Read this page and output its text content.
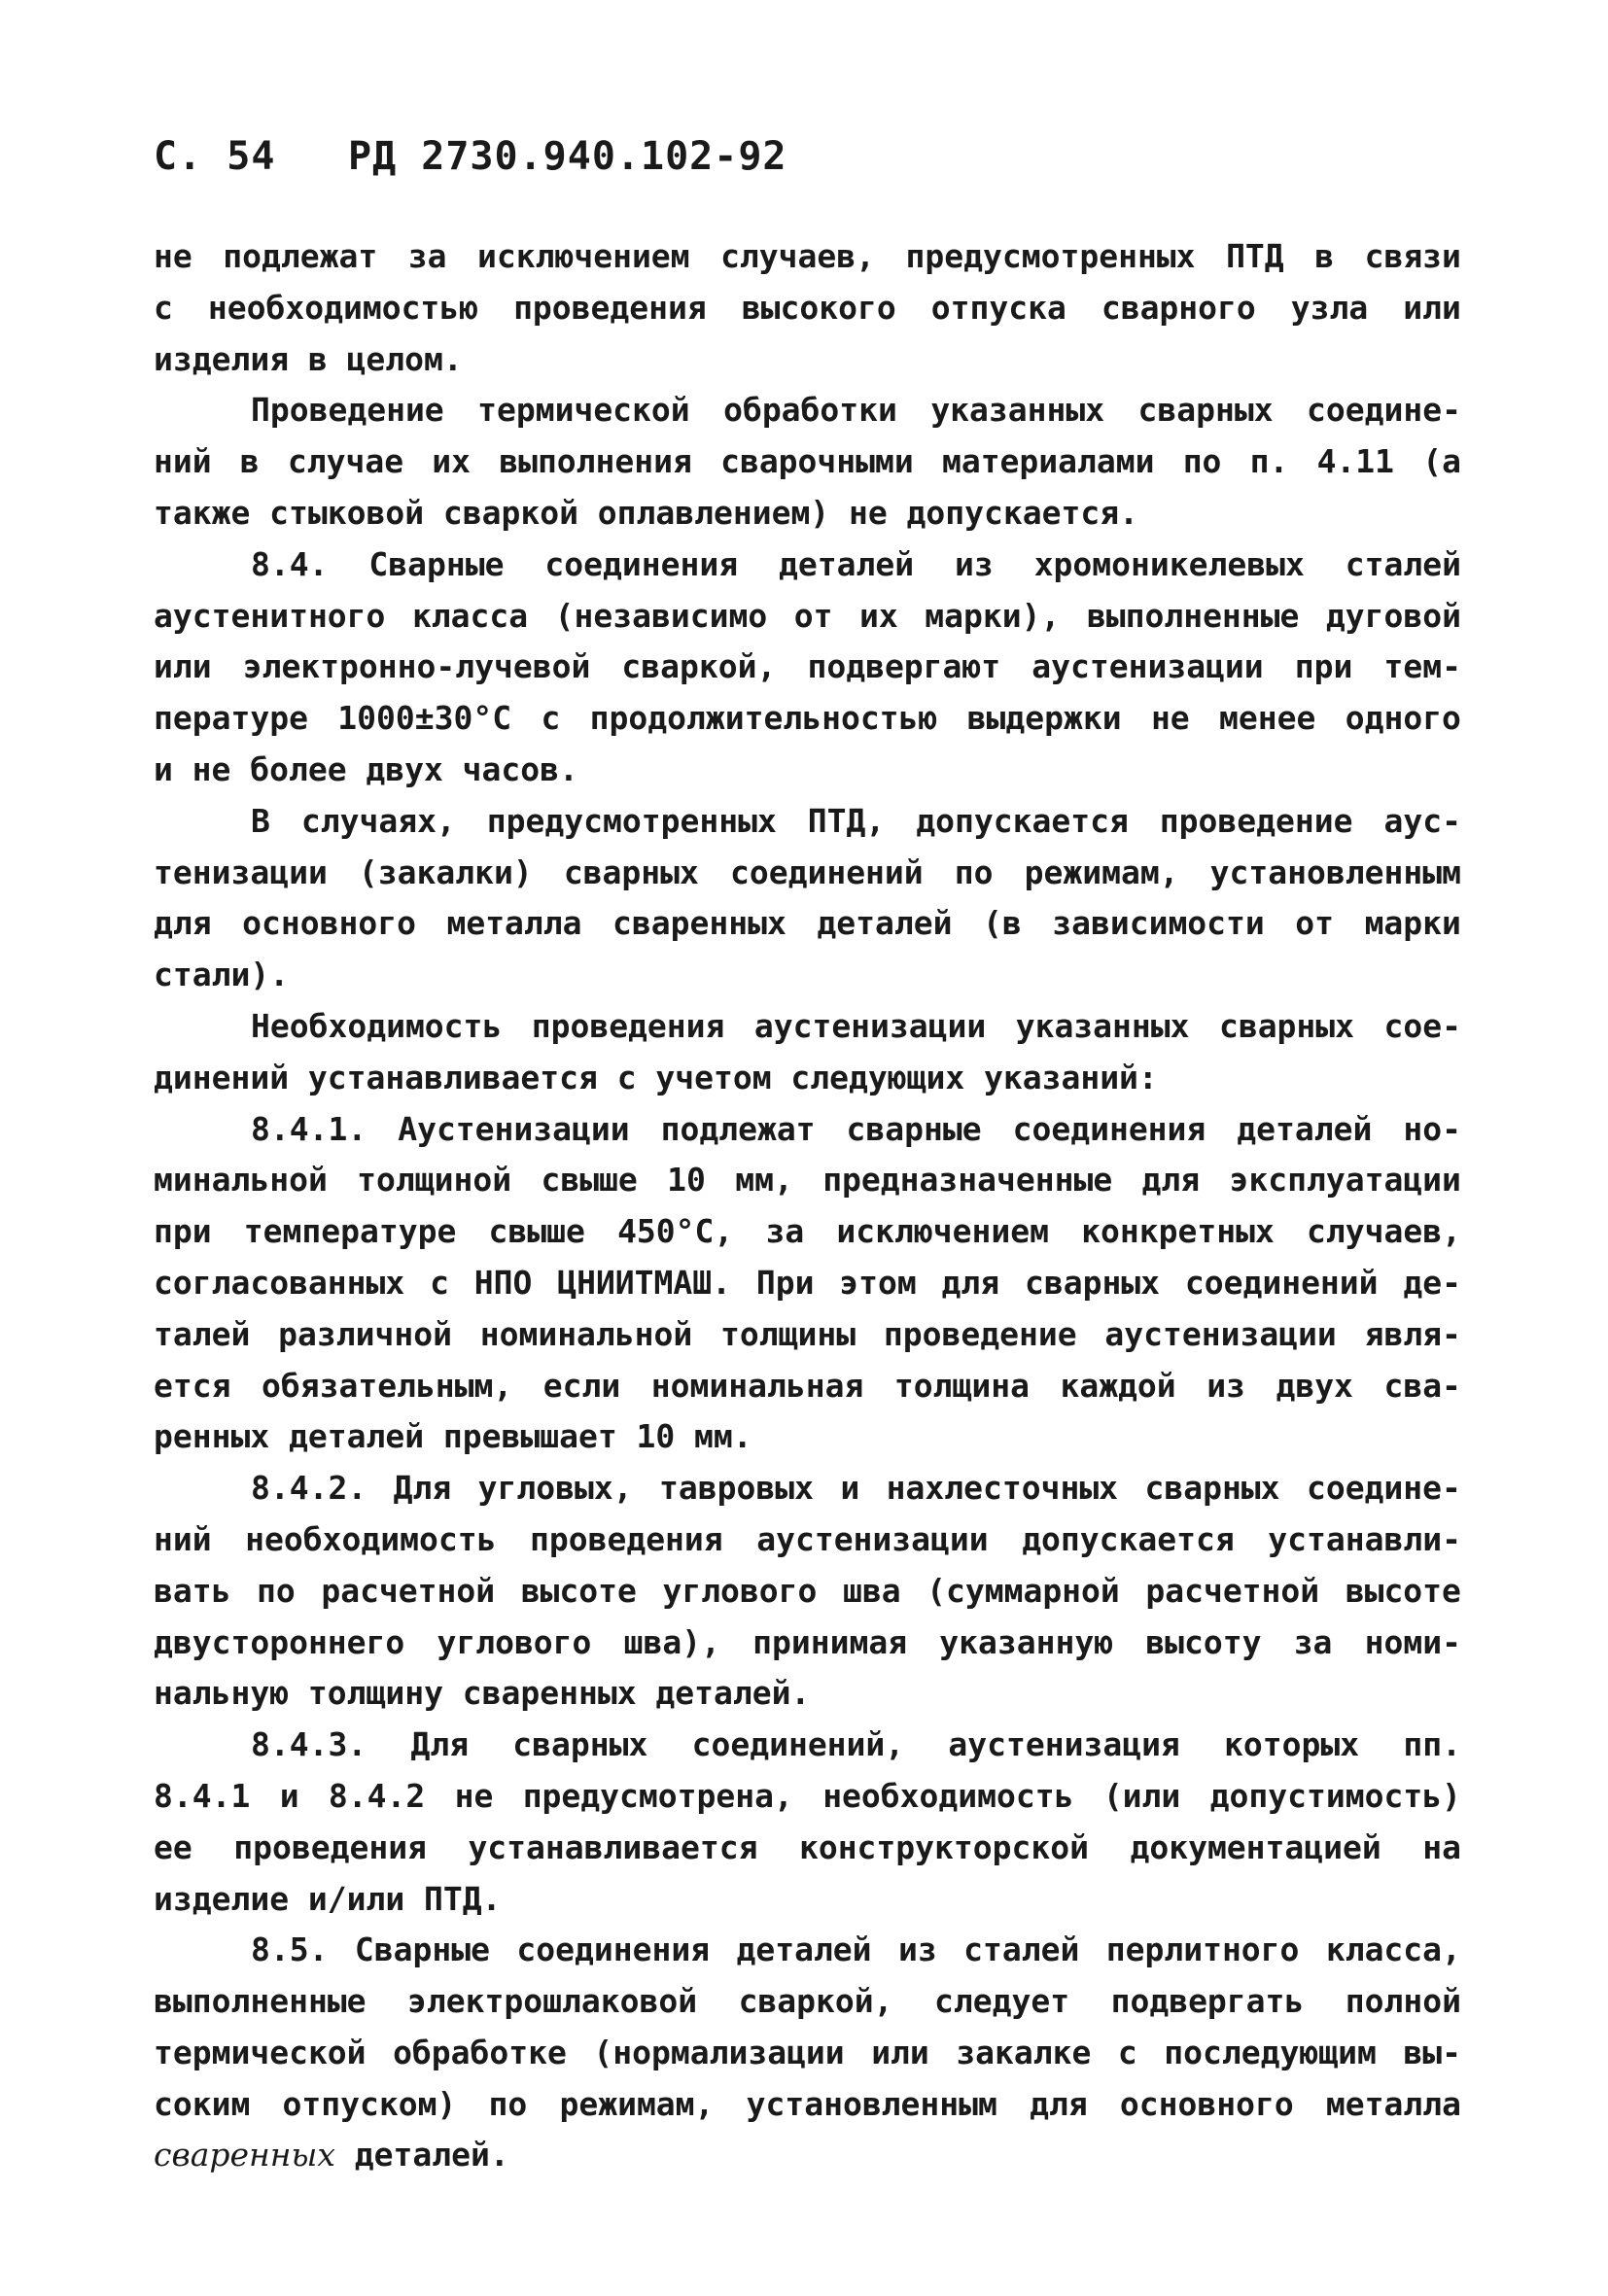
С. 54 РД 2730.940.102-92
не подлежат за исключением случаев, предусмотренных ПТД в связи
с необходимостью проведения высокого отпуска сварного узла или
изделия в целом.
Проведение термической обработки указанных сварных соедине-
ний в случае их выполнения сварочными материалами по п. 4.11 (а
также стыковой сваркой оплавлением) не допускается.
8.4. Сварные соединения деталей из хромоникелевых сталей
аустенитного класса (независимо от их марки), выполненные дуговой
или электронно-лучевой сваркой, подвергают аустенизации при тем-
пературе 1000±30°С с продолжительностью выдержки не менее одного
и не более двух часов.
В случаях, предусмотренных ПТД, допускается проведение аус-
тенизации (закалки) сварных соединений по режимам, установленным
для основного металла сваренных деталей (в зависимости от марки
стали).
Необходимость проведения аустенизации указанных сварных сое-
динений устанавливается с учетом следующих указаний:
8.4.1. Аустенизации подлежат сварные соединения деталей но-
минальной толщиной свыше 10 мм, предназначенные для эксплуатации
при температуре свыше 450°С, за исключением конкретных случаев,
согласованных с НПО ЦНИИТМАШ. При этом для сварных соединений де-
талей различной номинальной толщины проведение аустенизации явля-
ется обязательным, если номинальная толщина каждой из двух сва-
ренных деталей превышает 10 мм.
8.4.2. Для угловых, тавровых и нахлесточных сварных соедине-
ний необходимость проведения аустенизации допускается устанавли-
вать по расчетной высоте углового шва (суммарной расчетной высоте
двустороннего углового шва), принимая указанную высоту за номи-
нальную толщину сваренных деталей.
8.4.3. Для сварных соединений, аустенизация которых пп.
8.4.1 и 8.4.2 не предусмотрена, необходимость (или допустимость)
ее проведения устанавливается конструкторской документацией на
изделие и/или ПТД.
8.5. Сварные соединения деталей из сталей перлитного класса,
выполненные электрошлаковой сваркой, следует подвергать полной
термической обработке (нормализации или закалке с последующим вы-
соким отпуском) по режимам, установленным для основного металла
сваренных деталей.
